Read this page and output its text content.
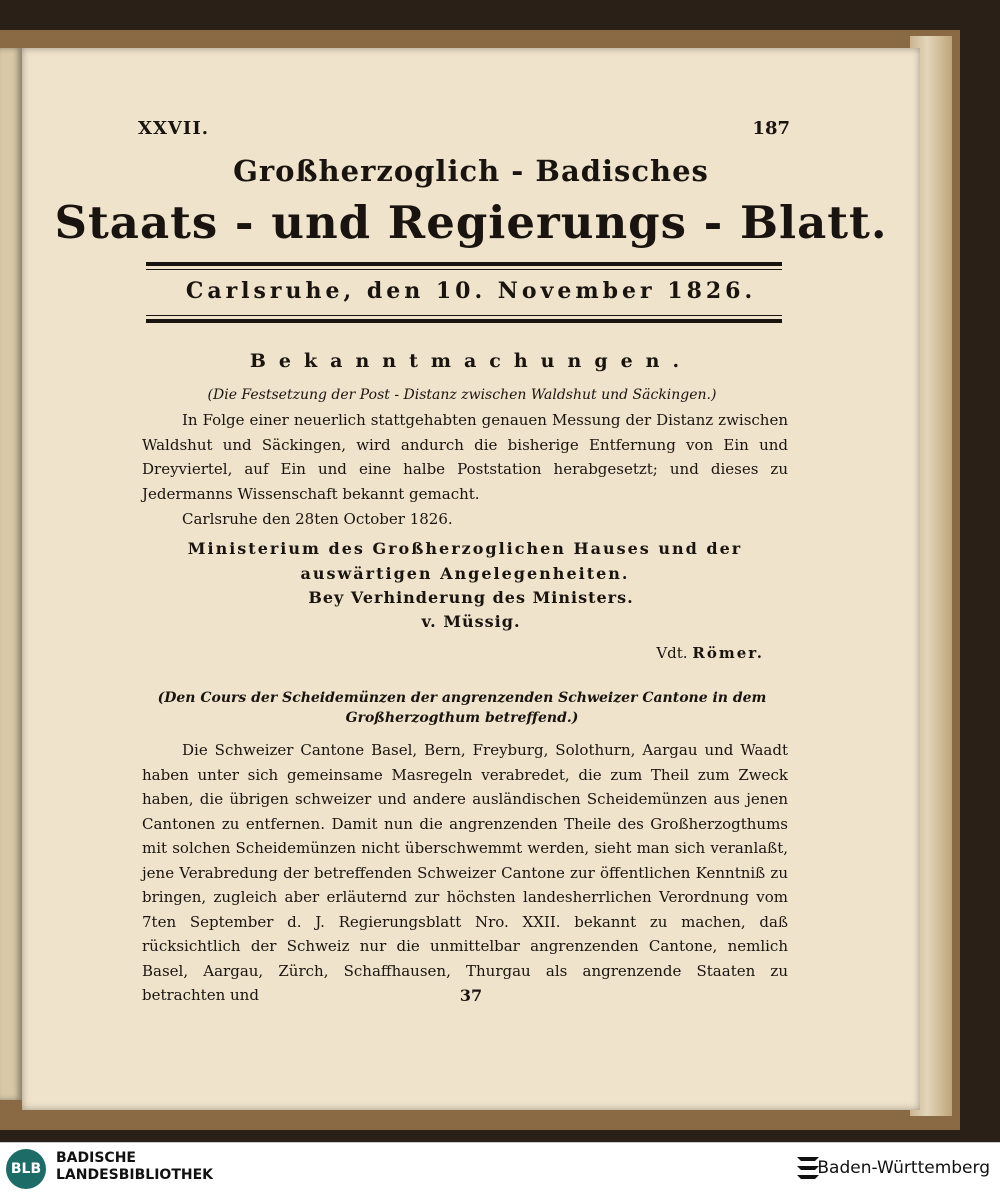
XXVII.	187
Großherzoglich - Badisches
Staats - und Regierungs - Blatt.
Carlsruhe, den 10. November 1826.
Bekanntmachungen.
(Die Festsetzung der Post - Distanz zwischen Waldshut und Säckingen.)
In Folge einer neuerlich stattgehabten genauen Messung der Distanz zwischen Waldshut und Säckingen, wird andurch die bisherige Entfernung von Ein und Dreyviertel, auf Ein und eine halbe Poststation herabgesetzt; und dieses zu Jedermanns Wissenschaft bekannt gemacht.
Carlsruhe den 28ten October 1826.
Ministerium des Großherzoglichen Hauses und der auswärtigen Angelegenheiten.
Bey Verhinderung des Ministers.
v. Müssig.
Vdt. Römer.
(Den Cours der Scheidemünzen der angrenzenden Schweizer Cantone in dem Großherzogthum betreffend.)
Die Schweizer Cantone Basel, Bern, Freyburg, Solothurn, Aargau und Waadt haben unter sich gemeinsame Masregeln verabredet, die zum Theil zum Zweck haben, die übrigen schweizer und andere ausländischen Scheidemünzen aus jenen Cantonen zu entfernen. Damit nun die angrenzenden Theile des Großherzogthums mit solchen Scheidemünzen nicht überschwemmt werden, sieht man sich veranlaßt, jene Verabredung der betreffenden Schweizer Cantone zur öffentlichen Kenntniß zu bringen, zugleich aber erläuternd zur höchsten landesherrlichen Verordnung vom 7ten September d. J. Regierungsblatt Nro. XXII. bekannt zu machen, daß rücksichtlich der Schweiz nur die unmittelbar angrenzenden Cantone, nemlich Basel, Aargau, Zürch, Schaffhausen, Thurgau als angrenzende Staaten zu betrachten und	37
BLB
BADISCHE
LANDESBIBLIOTHEK	Baden-Württemberg
